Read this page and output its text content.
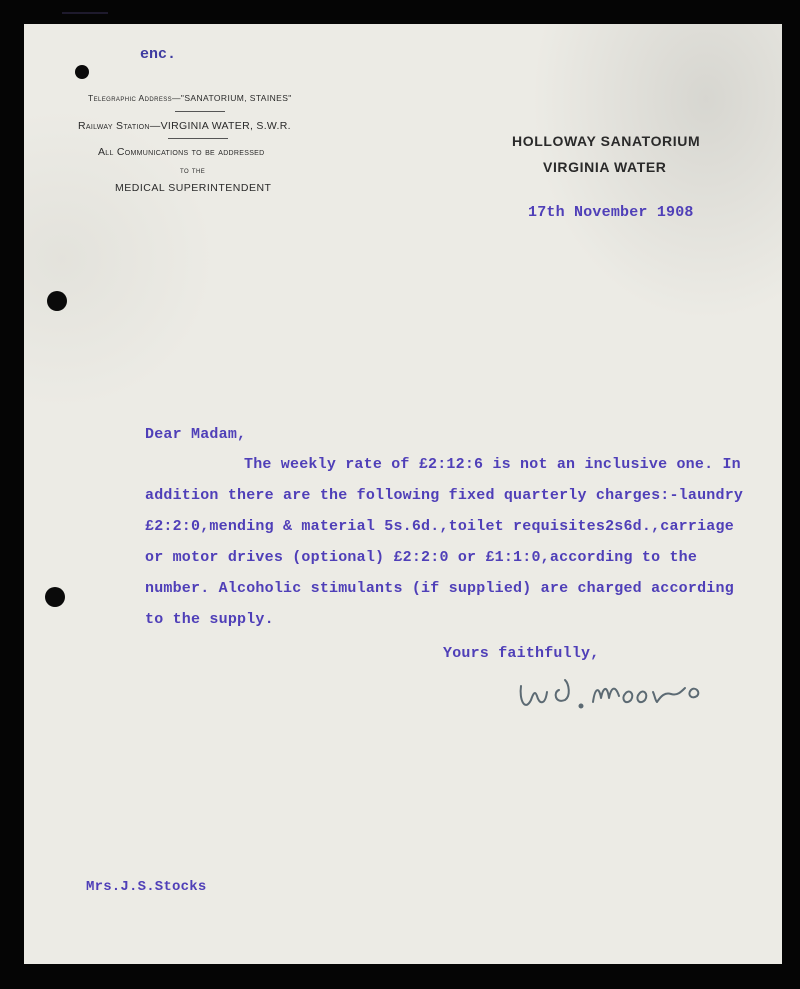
enc.
Telegraphic Address—"SANATORIUM, STAINES"
Railway Station—VIRGINIA WATER, S.W.R.
All Communications to be addressed
to the
MEDICAL SUPERINTENDENT
HOLLOWAY SANATORIUM
VIRGINIA WATER
17th November 1908
Dear Madam,
The weekly rate of £2:12:6 is not an inclusive one. In
addition there are the following fixed quarterly charges:-laundry
£2:2:0,mending & material 5s.6d.,toilet requisites2s6d.,carriage
or motor drives (optional) £2:2:0 or £1:1:0,according to the
number. Alcoholic stimulants (if supplied) are charged according
to the supply.
Yours faithfully,
Mrs.J.S.Stocks
